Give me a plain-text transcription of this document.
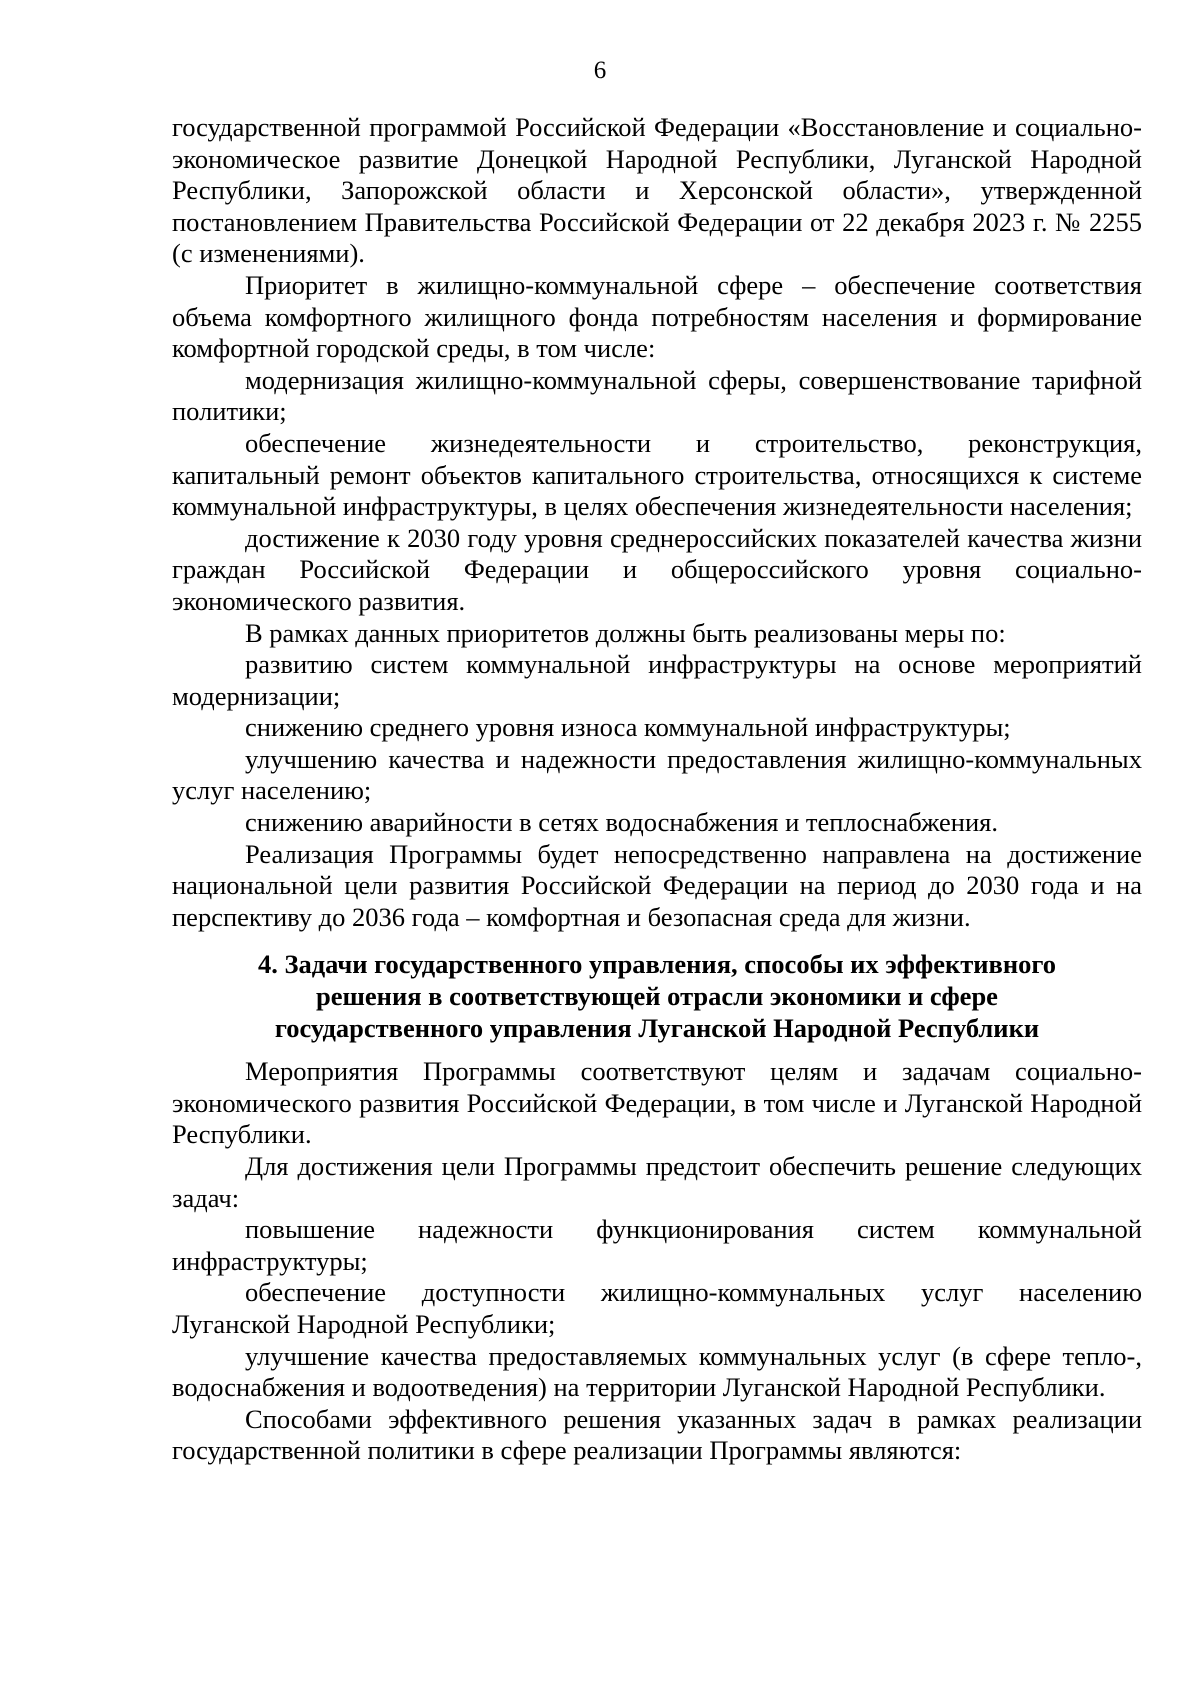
6

государственной программой Российской Федерации «Восстановление и социально-экономическое развитие Донецкой Народной Республики, Луганской Народной Республики, Запорожской области и Херсонской области», утвержденной постановлением Правительства Российской Федерации от 22 декабря 2023 г. № 2255 (с изменениями).

Приоритет в жилищно-коммунальной сфере – обеспечение соответствия объема комфортного жилищного фонда потребностям населения и формирование комфортной городской среды, в том числе:

модернизация жилищно-коммунальной сферы, совершенствование тарифной политики;

обеспечение жизнедеятельности и строительство, реконструкция, капитальный ремонт объектов капитального строительства, относящихся к системе коммунальной инфраструктуры, в целях обеспечения жизнедеятельности населения;

достижение к 2030 году уровня среднероссийских показателей качества жизни граждан Российской Федерации и общероссийского уровня социально-экономического развития.

В рамках данных приоритетов должны быть реализованы меры по:

развитию систем коммунальной инфраструктуры на основе мероприятий модернизации;

снижению среднего уровня износа коммунальной инфраструктуры;

улучшению качества и надежности предоставления жилищно-коммунальных услуг населению;

снижению аварийности в сетях водоснабжения и теплоснабжения.

Реализация Программы будет непосредственно направлена на достижение национальной цели развития Российской Федерации на период до 2030 года и на перспективу до 2036 года – комфортная и безопасная среда для жизни.

4. Задачи государственного управления, способы их эффективного
решения в соответствующей отрасли экономики и сфере
государственного управления Луганской Народной Республики

Мероприятия Программы соответствуют целям и задачам социально-экономического развития Российской Федерации, в том числе и Луганской Народной Республики.

Для достижения цели Программы предстоит обеспечить решение следующих задач:

повышение надежности функционирования систем коммунальной инфраструктуры;

обеспечение доступности жилищно-коммунальных услуг населению Луганской Народной Республики;

улучшение качества предоставляемых коммунальных услуг (в сфере тепло-, водоснабжения и водоотведения) на территории Луганской Народной Республики.

Способами эффективного решения указанных задач в рамках реализации государственной политики в сфере реализации Программы являются:
